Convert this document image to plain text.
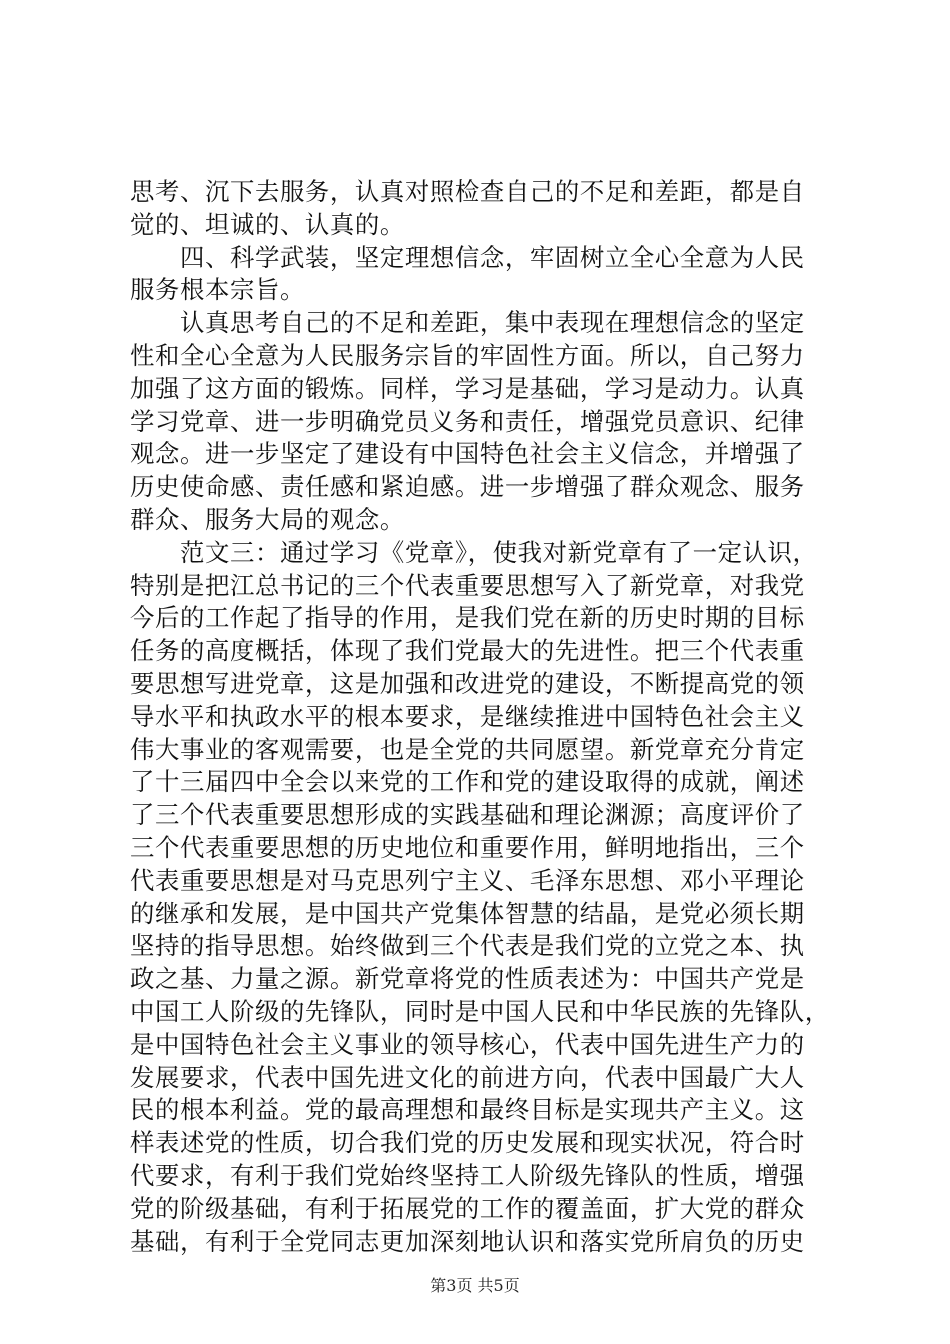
思考、沉下去服务，认真对照检查自己的不足和差距，都是自
觉的、坦诚的、认真的。
　　四、科学武装，坚定理想信念，牢固树立全心全意为人民
服务根本宗旨。
　　认真思考自己的不足和差距，集中表现在理想信念的坚定
性和全心全意为人民服务宗旨的牢固性方面。所以，自己努力
加强了这方面的锻炼。同样，学习是基础，学习是动力。认真
学习党章、进一步明确党员义务和责任，增强党员意识、纪律
观念。进一步坚定了建设有中国特色社会主义信念，并增强了
历史使命感、责任感和紧迫感。进一步增强了群众观念、服务
群众、服务大局的观念。
　　范文三：通过学习《党章》，使我对新党章有了一定认识，
特别是把江总书记的三个代表重要思想写入了新党章，对我党
今后的工作起了指导的作用，是我们党在新的历史时期的目标
任务的高度概括，体现了我们党最大的先进性。把三个代表重
要思想写进党章，这是加强和改进党的建设，不断提高党的领
导水平和执政水平的根本要求，是继续推进中国特色社会主义
伟大事业的客观需要，也是全党的共同愿望。新党章充分肯定
了十三届四中全会以来党的工作和党的建设取得的成就，阐述
了三个代表重要思想形成的实践基础和理论渊源；高度评价了
三个代表重要思想的历史地位和重要作用，鲜明地指出，三个
代表重要思想是对马克思列宁主义、毛泽东思想、邓小平理论
的继承和发展，是中国共产党集体智慧的结晶，是党必须长期
坚持的指导思想。始终做到三个代表是我们党的立党之本、执
政之基、力量之源。新党章将党的性质表述为：中国共产党是
中国工人阶级的先锋队，同时是中国人民和中华民族的先锋队，
是中国特色社会主义事业的领导核心，代表中国先进生产力的
发展要求，代表中国先进文化的前进方向，代表中国最广大人
民的根本利益。党的最高理想和最终目标是实现共产主义。这
样表述党的性质，切合我们党的历史发展和现实状况，符合时
代要求，有利于我们党始终坚持工人阶级先锋队的性质，增强
党的阶级基础，有利于拓展党的工作的覆盖面，扩大党的群众
基础，有利于全党同志更加深刻地认识和落实党所肩负的历史
第3页 共5页
